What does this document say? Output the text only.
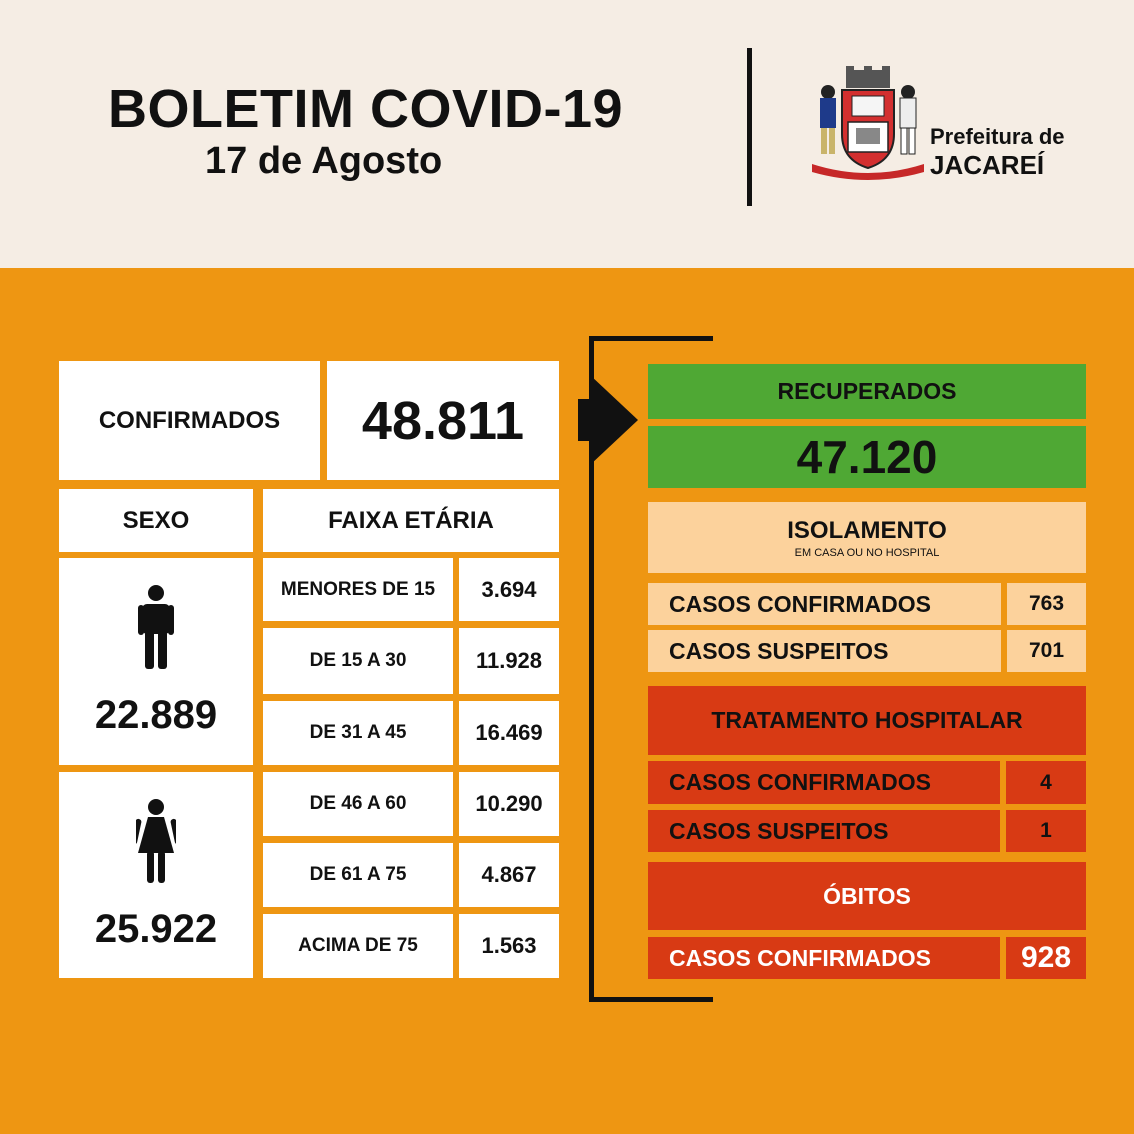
BOLETIM COVID-19
17 de Agosto
Prefeitura de
JACAREÍ
CONFIRMADOS	48.811
SEXO	FAIXA ETÁRIA
22.889
25.922
MENORES DE 15	3.694
DE 15 A 30	11.928
DE 31 A 45	16.469
DE 46 A 60	10.290
DE 61 A 75	4.867
ACIMA DE 75	1.563
RECUPERADOS
47.120
ISOLAMENTO
EM CASA OU NO HOSPITAL
CASOS CONFIRMADOS	763
CASOS SUSPEITOS	701
TRATAMENTO HOSPITALAR
CASOS CONFIRMADOS	4
CASOS SUSPEITOS	1
ÓBITOS
CASOS CONFIRMADOS	928
